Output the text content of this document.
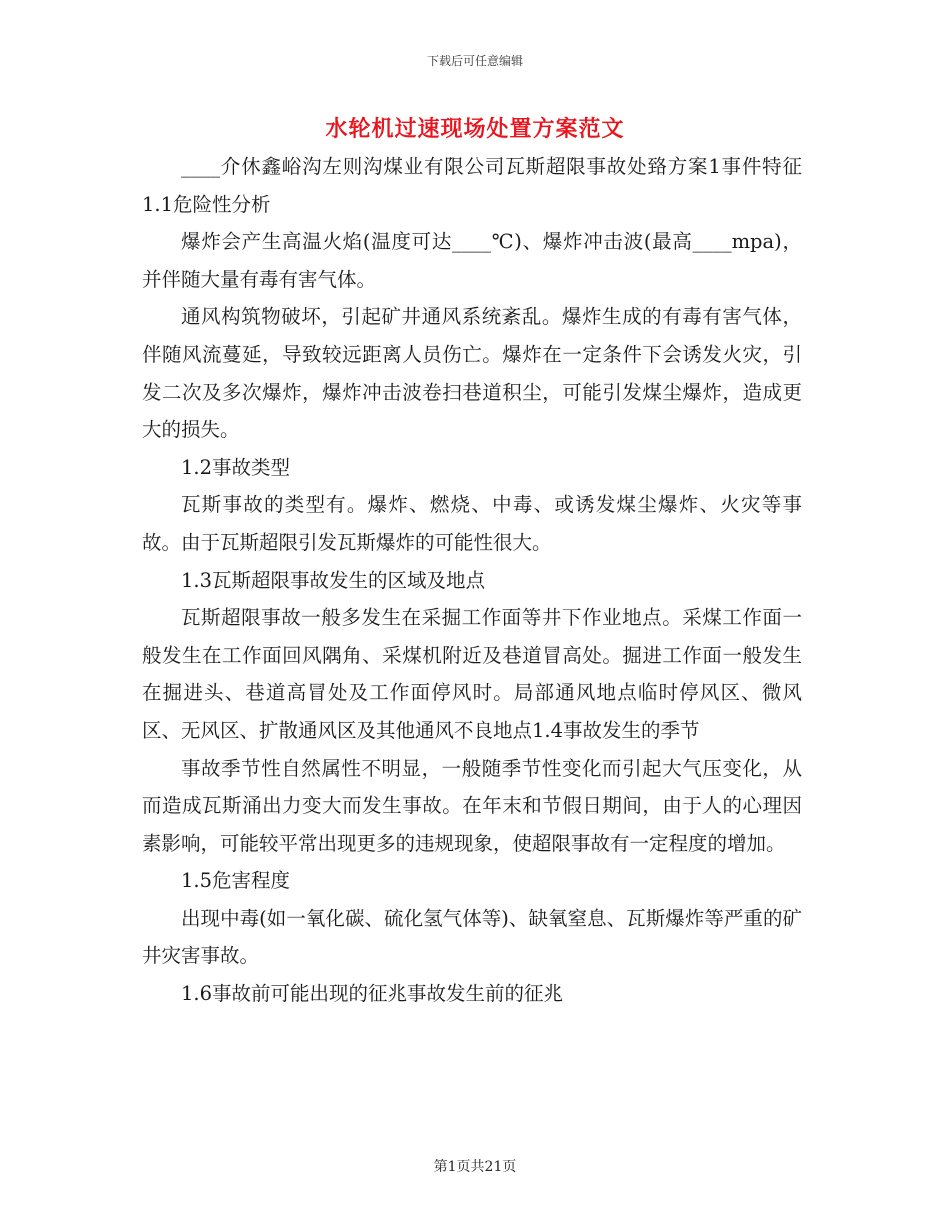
下载后可任意编辑
水轮机过速现场处置方案范文

____介休鑫峪沟左则沟煤业有限公司瓦斯超限事故处臵方案1事件特征1.1危险性分析

爆炸会产生高温火焰(温度可达____℃)、爆炸冲击波(最高____mpa)，并伴随大量有毒有害气体。

通风构筑物破坏，引起矿井通风系统紊乱。爆炸生成的有毒有害气体，伴随风流蔓延，导致较远距离人员伤亡。爆炸在一定条件下会诱发火灾，引发二次及多次爆炸，爆炸冲击波卷扫巷道积尘，可能引发煤尘爆炸，造成更大的损失。

1.2事故类型

瓦斯事故的类型有。爆炸、燃烧、中毒、或诱发煤尘爆炸、火灾等事故。由于瓦斯超限引发瓦斯爆炸的可能性很大。

1.3瓦斯超限事故发生的区域及地点

瓦斯超限事故一般多发生在采掘工作面等井下作业地点。采煤工作面一般发生在工作面回风隅角、采煤机附近及巷道冒高处。掘进工作面一般发生在掘进头、巷道高冒处及工作面停风时。局部通风地点临时停风区、微风区、无风区、扩散通风区及其他通风不良地点1.4事故发生的季节

事故季节性自然属性不明显，一般随季节性变化而引起大气压变化，从而造成瓦斯涌出力变大而发生事故。在年末和节假日期间，由于人的心理因素影响，可能较平常出现更多的违规现象，使超限事故有一定程度的增加。

1.5危害程度

出现中毒(如一氧化碳、硫化氢气体等)、缺氧窒息、瓦斯爆炸等严重的矿井灾害事故。

1.6事故前可能出现的征兆事故发生前的征兆

第1页共21页
